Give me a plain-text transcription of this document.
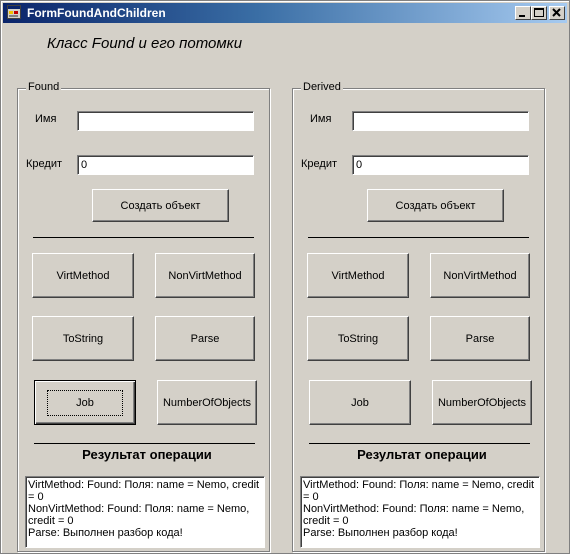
FormFoundAndChildren
Класс Found и его потомки
Found
Имя
Кредит	0
Создать объект
VirtMethod	NonVirtMethod
ToString	Parse
Job	NumberOfObjects
Результат операции
VirtMethod: Found: Поля: name = Nemo, credit = 0
NonVirtMethod: Found: Поля: name = Nemo, credit = 0
Parse: Выполнен разбор кода!
Derived
Имя
Кредит	0
Создать объект
VirtMethod	NonVirtMethod
ToString	Parse
Job	NumberOfObjects
Результат операции
VirtMethod: Found: Поля: name = Nemo, credit = 0
NonVirtMethod: Found: Поля: name = Nemo, credit = 0
Parse: Выполнен разбор кода!
